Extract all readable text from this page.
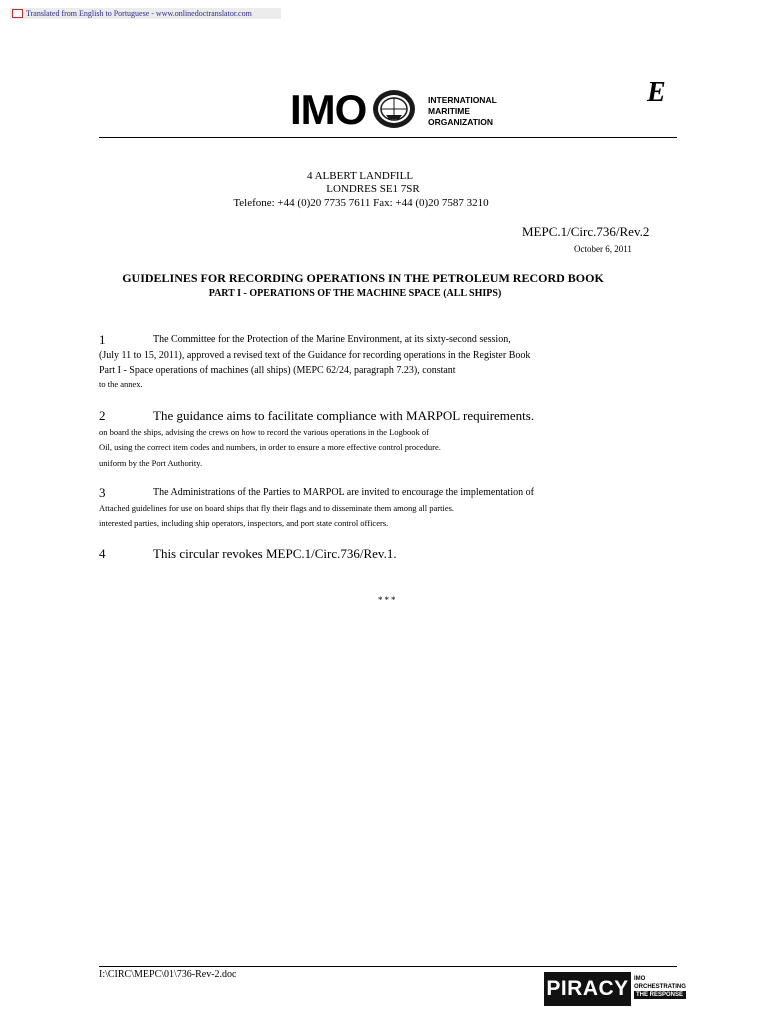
Translated from English to Portuguese - www.onlinedoctranslator.com
IMO	INTERNATIONAL
MARITIME
ORGANIZATION
E
4 ALBERT LANDFILL
LONDRES SE1 7SR
Telefone: +44 (0)20 7735 7611 Fax: +44 (0)20 7587 3210
MEPC.1/Circ.736/Rev.2
October 6, 2011
GUIDELINES FOR RECORDING OPERATIONS IN THE PETROLEUM RECORD BOOK
PART I - OPERATIONS OF THE MACHINE SPACE (ALL SHIPS)
1	The Committee for the Protection of the Marine Environment, at its sixty-second session,
(July 11 to 15, 2011), approved a revised text of the Guidance for recording operations in the Register Book
Part I - Space operations of machines (all ships) (MEPC 62/24, paragraph 7.23), constant
to the annex.
2	The guidance aims to facilitate compliance with MARPOL requirements.
on board the ships, advising the crews on how to record the various operations in the Logbook of
Oil, using the correct item codes and numbers, in order to ensure a more effective control procedure.
uniform by the Port Authority.
3	The Administrations of the Parties to MARPOL are invited to encourage the implementation of
Attached guidelines for use on board ships that fly their flags and to disseminate them among all parties.
interested parties, including ship operators, inspectors, and port state control officers.
4	This circular revokes MEPC.1/Circ.736/Rev.1.
***
I:\CIRC\MEPC\01\736-Rev-2.doc
PIRACY IMO
ORCHESTRATING
THE RESPONSE
